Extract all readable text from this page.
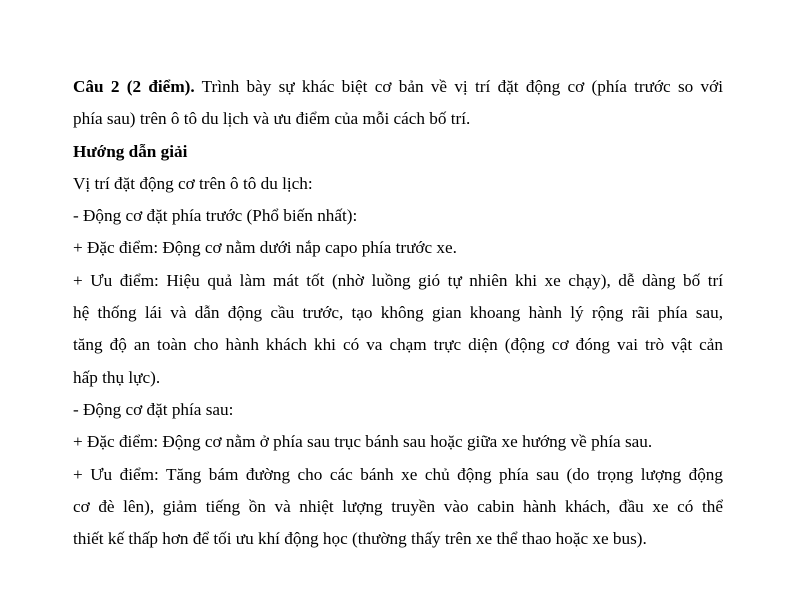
Câu 2 (2 điểm). Trình bày sự khác biệt cơ bản về vị trí đặt động cơ (phía trước so với
phía sau) trên ô tô du lịch và ưu điểm của mỗi cách bố trí.
Hướng dẫn giải
Vị trí đặt động cơ trên ô tô du lịch:
- Động cơ đặt phía trước (Phổ biến nhất):
+ Đặc điểm: Động cơ nằm dưới nắp capo phía trước xe.
+ Ưu điểm: Hiệu quả làm mát tốt (nhờ luồng gió tự nhiên khi xe chạy), dễ dàng bố trí
hệ thống lái và dẫn động cầu trước, tạo không gian khoang hành lý rộng rãi phía sau,
tăng độ an toàn cho hành khách khi có va chạm trực diện (động cơ đóng vai trò vật cản
hấp thụ lực).
- Động cơ đặt phía sau:
+ Đặc điểm: Động cơ nằm ở phía sau trục bánh sau hoặc giữa xe hướng về phía sau.
+ Ưu điểm: Tăng bám đường cho các bánh xe chủ động phía sau (do trọng lượng động
cơ đè lên), giảm tiếng ồn và nhiệt lượng truyền vào cabin hành khách, đầu xe có thể
thiết kế thấp hơn để tối ưu khí động học (thường thấy trên xe thể thao hoặc xe bus).
